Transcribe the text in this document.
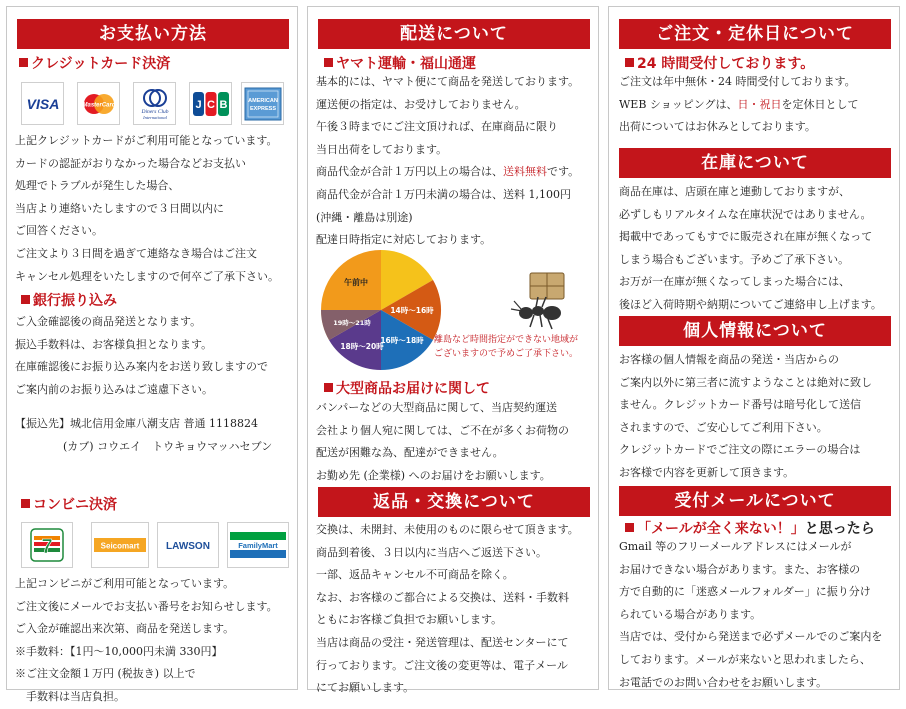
お支払い方法
クレジットカード決済
VISA	MasterCard
Diners Club
International
J C B	AMERICAN
EXPRESS
上記クレジットカードがご利用可能となっています。
カードの認証がおりなかった場合などお支払い
処理でトラブルが発生した場合、
当店より連絡いたしますので３日間以内に
ご回答ください。
ご注文より３日間を過ぎて連絡なき場合はご注文
キャンセル処理をいたしますので何卒ご了承下さい。
銀行振り込み
ご入金確認後の商品発送となります。
振込手数料は、お客様負担となります。
在庫確認後にお振り込み案内をお送り致しますので
ご案内前のお振り込みはご遠慮下さい。
【振込先】城北信用金庫八潮支店 普通 1118824
(カブ) コウエイ　トウキョウマッハセブン
コンビニ決済
7	Seicomart	LAWSON	FamilyMart
上記コンビニがご利用可能となっています。
ご注文後にメールでお支払い番号をお知らせします。
ご入金が確認出来次第、商品を発送します。
※手数料：【1円〜10,000円未満 330円】
※ご注文金額１万円 (税抜き) 以上で
　手数料は当店負担。
配送について
ヤマト運輸・福山通運
基本的には、ヤマト便にて商品を発送しております。
運送便の指定は、お受けしておりません。
午後３時までにご注文頂ければ、在庫商品に限り
当日出荷をしております。
商品代金が合計１万円以上の場合は、送料無料です。
商品代金が合計１万円未満の場合は、送料 1,100円
(沖縄・離島は別途)
配達日時指定に対応しております。
午前中
14時〜16時
16時〜18時
18時〜20時
19時〜21時
離島など時間指定ができない地域が
ございますので予めご了承下さい。
大型商品お届けに関して
バンパーなどの大型商品に関して、当店契約運送
会社より個人宛に関しては、ご不在が多くお荷物の
配送が困難な為、配達ができません。
お勤め先 (企業様) へのお届けをお願いします。
返品・交換について
交換は、未開封、未使用のものに限らせて頂きます。
商品到着後、３日以内に当店へご返送下さい。
一部、返品キャンセル不可商品を除く。
なお、お客様のご都合による交換は、送料・手数料
ともにお客様ご負担でお願いします。
当店は商品の受注・発送管理は、配送センターにて
行っております。ご注文後の変更等は、電子メール
にてお願いします。
ご注文・定休日について
24 時間受付しております。
ご注文は年中無休・24 時間受付しております。
WEB ショッピングは、日・祝日を定休日として
出荷についてはお休みとしております。
在庫について
商品在庫は、店頭在庫と連動しておりますが、
必ずしもリアルタイムな在庫状況ではありません。
掲載中であってもすでに販売され在庫が無くなって
しまう場合もございます。予めご了承下さい。
お万が一在庫が無くなってしまった場合には、
後ほど入荷時期や納期についてご連絡申し上げます。
個人情報について
お客様の個人情報を商品の発送・当店からの
ご案内以外に第三者に流すようなことは絶対に致し
ません。クレジットカード番号は暗号化して送信
されますので、ご安心してご利用下さい。
クレジットカードでご注文の際にエラーの場合は
お客様で内容を更新して頂きます。
受付メールについて
「メールが全く来ない！」と思ったら
Gmail 等のフリーメールアドレスにはメールが
お届けできない場合があります。また、お客様の
方で自動的に「迷惑メールフォルダー」に振り分け
られている場合があります。
当店では、受付から発送まで必ずメールでのご案内を
しております。メールが来ないと思われましたら、
お電話でのお問い合わせをお願いします。
